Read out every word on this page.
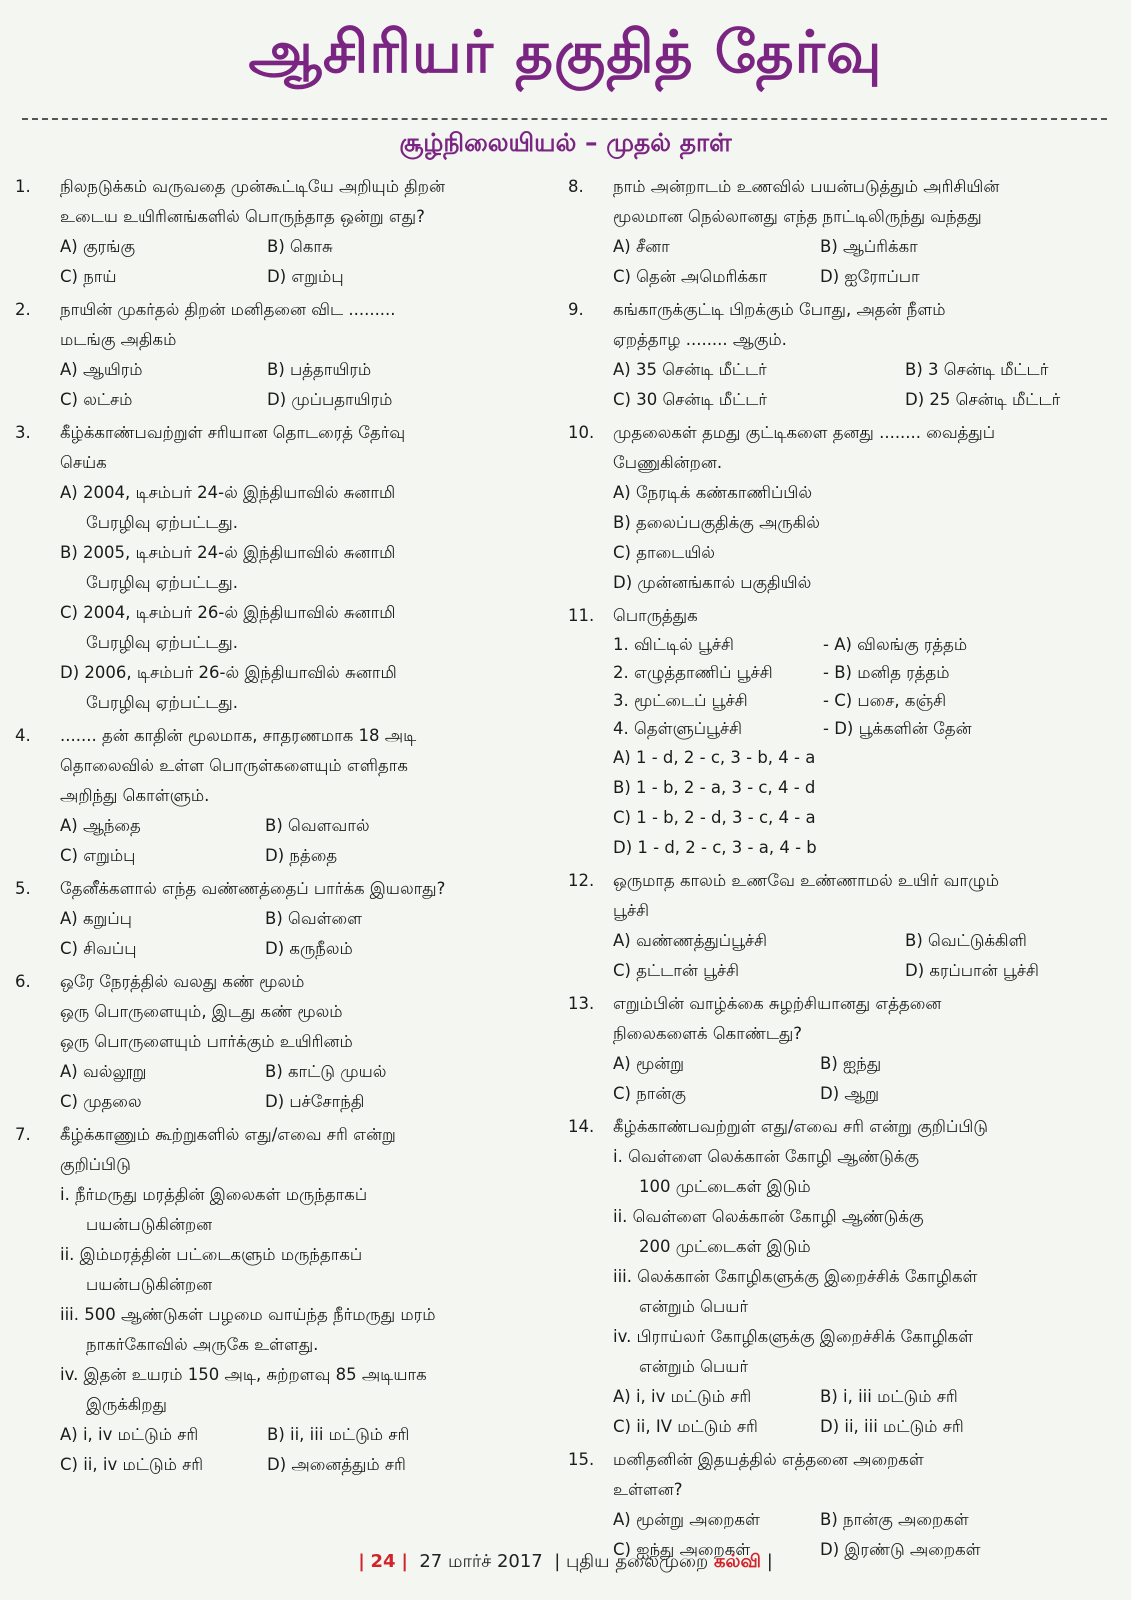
ஆசிரியர் தகுதித் தேர்வு
சூழ்நிலையியல் – முதல் தாள்
1. நிலநடுக்கம் வருவதை முன்கூட்டியே அறியும் திறன்
உடைய உயிரினங்களில் பொருந்தாத ஒன்று எது?
A) குரங்கு	B) கொசு
C) நாய்	D) எறும்பு
2. நாயின் முகர்தல் திறன் மனிதனை விட .........
மடங்கு அதிகம்
A) ஆயிரம்	B) பத்தாயிரம்
C) லட்சம்	D) முப்பதாயிரம்
3. கீழ்க்காண்பவற்றுள் சரியான தொடரைத் தேர்வு
செய்க
A) 2004, டிசம்பர் 24-ல் இந்தியாவில் சுனாமி
பேரழிவு ஏற்பட்டது.
B) 2005, டிசம்பர் 24-ல் இந்தியாவில் சுனாமி
பேரழிவு ஏற்பட்டது.
C) 2004, டிசம்பர் 26-ல் இந்தியாவில் சுனாமி
பேரழிவு ஏற்பட்டது.
D) 2006, டிசம்பர் 26-ல் இந்தியாவில் சுனாமி
பேரழிவு ஏற்பட்டது.
4. ....... தன் காதின் மூலமாக, சாதரணமாக 18 அடி
தொலைவில் உள்ள பொருள்களையும் எளிதாக
அறிந்து கொள்ளும்.
A) ஆந்தை	B) வௌவால்
C) எறும்பு	D) நத்தை
5. தேனீக்களால் எந்த வண்ணத்தைப் பார்க்க இயலாது?
A) கறுப்பு	B) வெள்ளை
C) சிவப்பு	D) கருநீலம்
6. ஒரே நேரத்தில் வலது கண் மூலம்
ஒரு பொருளையும், இடது கண் மூலம்
ஒரு பொருளையும் பார்க்கும் உயிரினம்
A) வல்லூறு	B) காட்டு முயல்
C) முதலை	D) பச்சோந்தி
7. கீழ்க்காணும் கூற்றுகளில் எது/எவை சரி என்று
குறிப்பிடு
i. நீர்மருது மரத்தின் இலைகள் மருந்தாகப்
பயன்படுகின்றன
ii. இம்மரத்தின் பட்டைகளும் மருந்தாகப்
பயன்படுகின்றன
iii. 500 ஆண்டுகள் பழமை வாய்ந்த நீர்மருது மரம்
நாகர்கோவில் அருகே உள்ளது.
iv. இதன் உயரம் 150 அடி, சுற்றளவு 85 அடியாக
இருக்கிறது
A) i, iv மட்டும் சரி	B) ii, iii மட்டும் சரி
C) ii, iv மட்டும் சரி	D) அனைத்தும் சரி
8. நாம் அன்றாடம் உணவில் பயன்படுத்தும் அரிசியின்
மூலமான நெல்லானது எந்த நாட்டிலிருந்து வந்தது
A) சீனா	B) ஆப்ரிக்கா
C) தென் அமெரிக்கா	D) ஐரோப்பா
9. கங்காருக்குட்டி பிறக்கும் போது, அதன் நீளம்
ஏறத்தாழ ........ ஆகும்.
A) 35 சென்டி மீட்டர்	B) 3 சென்டி மீட்டர்
C) 30 சென்டி மீட்டர்	D) 25 சென்டி மீட்டர்
10. முதலைகள் தமது குட்டிகளை தனது ........ வைத்துப்
பேணுகின்றன.
A) நேரடிக் கண்காணிப்பில்
B) தலைப்பகுதிக்கு அருகில்
C) தாடையில்
D) முன்னங்கால் பகுதியில்
11. பொருத்துக
1. விட்டில் பூச்சி	- A) விலங்கு ரத்தம்
2. எழுத்தாணிப் பூச்சி	- B) மனித ரத்தம்
3. மூட்டைப் பூச்சி	- C) பசை, கஞ்சி
4. தெள்ளுப்பூச்சி	- D) பூக்களின் தேன்
A) 1 - d, 2 - c, 3 - b, 4 - a
B) 1 - b, 2 - a, 3 - c, 4 - d
C) 1 - b, 2 - d, 3 - c, 4 - a
D) 1 - d, 2 - c, 3 - a, 4 - b
12. ஒருமாத காலம் உணவே உண்ணாமல் உயிர் வாழும்
பூச்சி
A) வண்ணத்துப்பூச்சி	B) வெட்டுக்கிளி
C) தட்டான் பூச்சி	D) கரப்பான் பூச்சி
13. எறும்பின் வாழ்க்கை சுழற்சியானது எத்தனை
நிலைகளைக் கொண்டது?
A) மூன்று	B) ஐந்து
C) நான்கு	D) ஆறு
14. கீழ்க்காண்பவற்றுள் எது/எவை சரி என்று குறிப்பிடு
i. வெள்ளை லெக்கான் கோழி ஆண்டுக்கு
100 முட்டைகள் இடும்
ii. வெள்ளை லெக்கான் கோழி ஆண்டுக்கு
200 முட்டைகள் இடும்
iii. லெக்கான் கோழிகளுக்கு இறைச்சிக் கோழிகள்
என்றும் பெயர்
iv. பிராய்லர் கோழிகளுக்கு இறைச்சிக் கோழிகள்
என்றும் பெயர்
A) i, iv மட்டும் சரி	B) i, iii மட்டும் சரி
C) ii, IV மட்டும் சரி	D) ii, iii மட்டும் சரி
15. மனிதனின் இதயத்தில் எத்தனை அறைகள்
உள்ளன?
A) மூன்று அறைகள்	B) நான்கு அறைகள்
C) ஐந்து அறைகள்	D) இரண்டு அறைகள்
| 24 | 27 மார்ச் 2017 | புதிய தலைமுறை கல்வி |
